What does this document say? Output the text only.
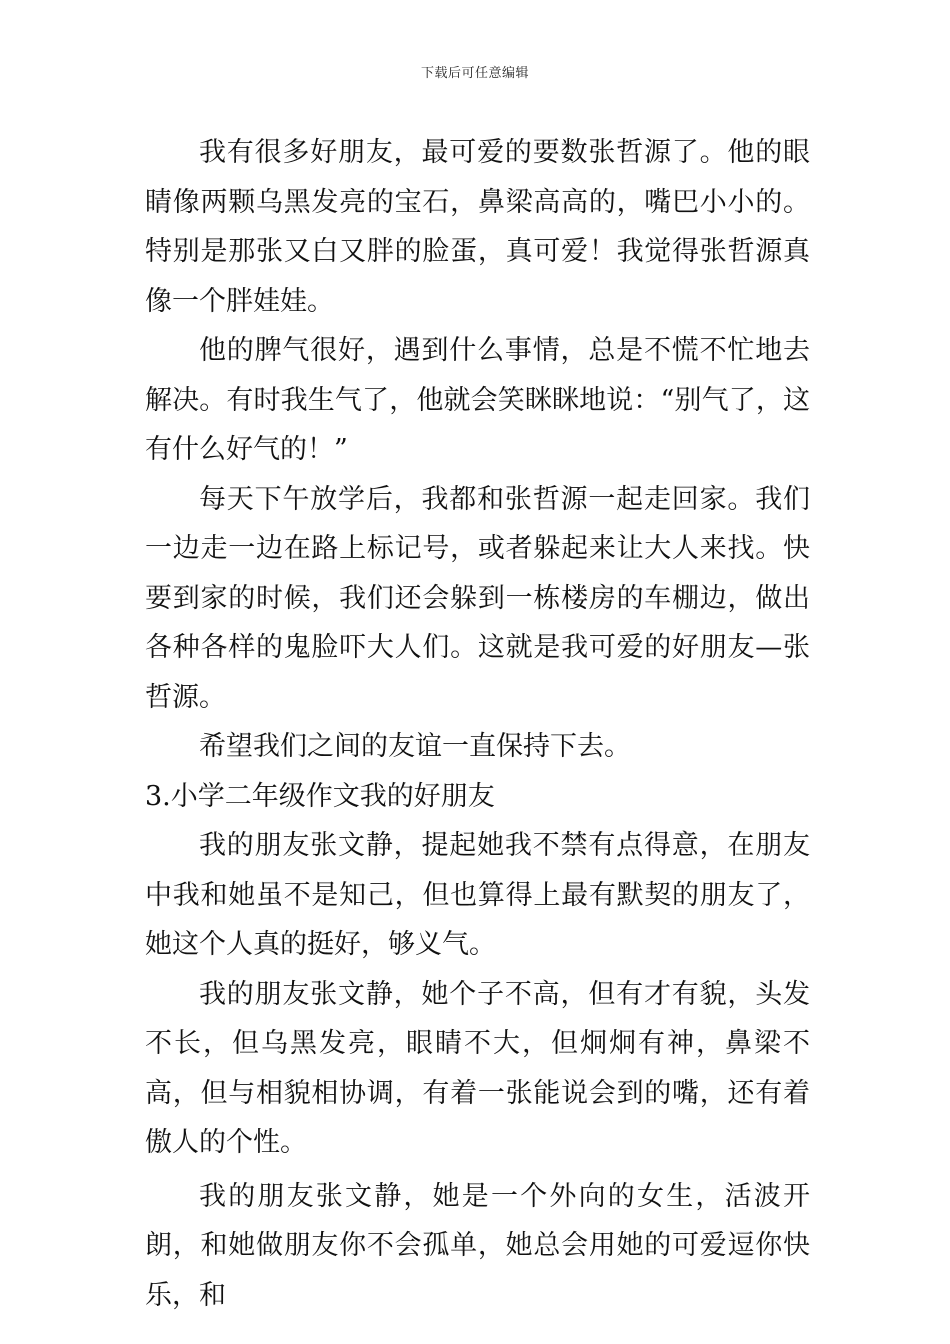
下载后可任意编辑

我有很多好朋友，最可爱的要数张哲源了。他的眼睛像两颗乌黑发亮的宝石，鼻梁高高的，嘴巴小小的。特别是那张又白又胖的脸蛋，真可爱！我觉得张哲源真像一个胖娃娃。

他的脾气很好，遇到什么事情，总是不慌不忙地去解决。有时我生气了，他就会笑眯眯地说：“别气了，这有什么好气的！”

每天下午放学后，我都和张哲源一起走回家。我们一边走一边在路上标记号，或者躲起来让大人来找。快要到家的时候，我们还会躲到一栋楼房的车棚边，做出各种各样的鬼脸吓大人们。这就是我可爱的好朋友—张哲源。

希望我们之间的友谊一直保持下去。

3.小学二年级作文我的好朋友

我的朋友张文静，提起她我不禁有点得意，在朋友中我和她虽不是知己，但也算得上最有默契的朋友了，她这个人真的挺好，够义气。

我的朋友张文静，她个子不高，但有才有貌，头发不长，但乌黑发亮，眼睛不大，但炯炯有神，鼻梁不高，但与相貌相协调，有着一张能说会到的嘴，还有着傲人的个性。

我的朋友张文静，她是一个外向的女生，活波开朗，和她做朋友你不会孤单，她总会用她的可爱逗你快乐，和
